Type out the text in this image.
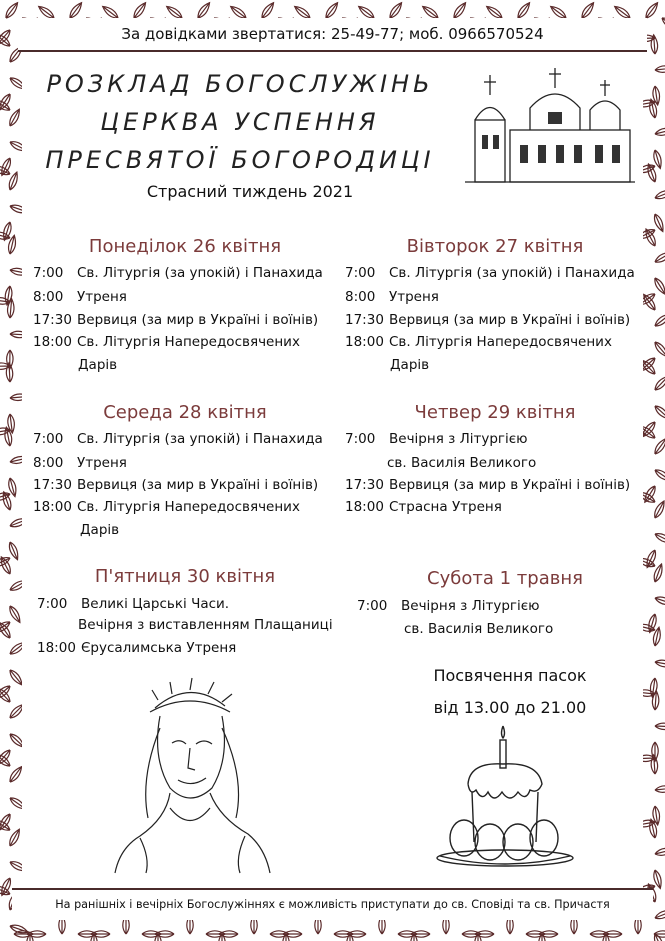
За довідками звертатися: 25-49-77; моб. 0966570524
РОЗКЛАД БОГОСЛУЖІНЬ
ЦЕРКВА УСПЕННЯ
ПРЕСВЯТОЇ БОГОРОДИЦІ
Страсний тиждень 2021
Понеділок 26 квітня	Вівторок 27 квітня
Середа 28 квітня	Четвер 29 квітня
П'ятниця 30 квітня	Субота 1 травня
7:00 Св. Літургія (за упокій) і Панахида
8:00 Утреня
17:30 Вервиця (за мир в Україні і воїнів)
18:00 Св. Літургія Напередосвячених
Дарів
7:00 Св. Літургія (за упокій) і Панахида
8:00 Утреня
17:30 Вервиця (за мир в Україні і воїнів)
18:00 Св. Літургія Напередосвячених
Дарів
7:00 Св. Літургія (за упокій) і Панахида
8:00 Утреня
17:30 Вервиця (за мир в Україні і воїнів)
18:00 Св. Літургія Напередосвячених
Дарів
7:00 Вечірня з Літургією
св. Василія Великого
17:30 Вервиця (за мир в Україні і воїнів)
18:00 Страсна Утреня
7:00 Великі Царські Часи.
Вечірня з виставленням Плащаниці
18:00 Єрусалимська Утреня
7:00 Вечірня з Літургією
св. Василія Великого
Посвячення пасок
від 13.00 до 21.00
На ранішніх і вечірніх Богослужіннях є можливість приступати до св. Сповіді та св. Причастя
